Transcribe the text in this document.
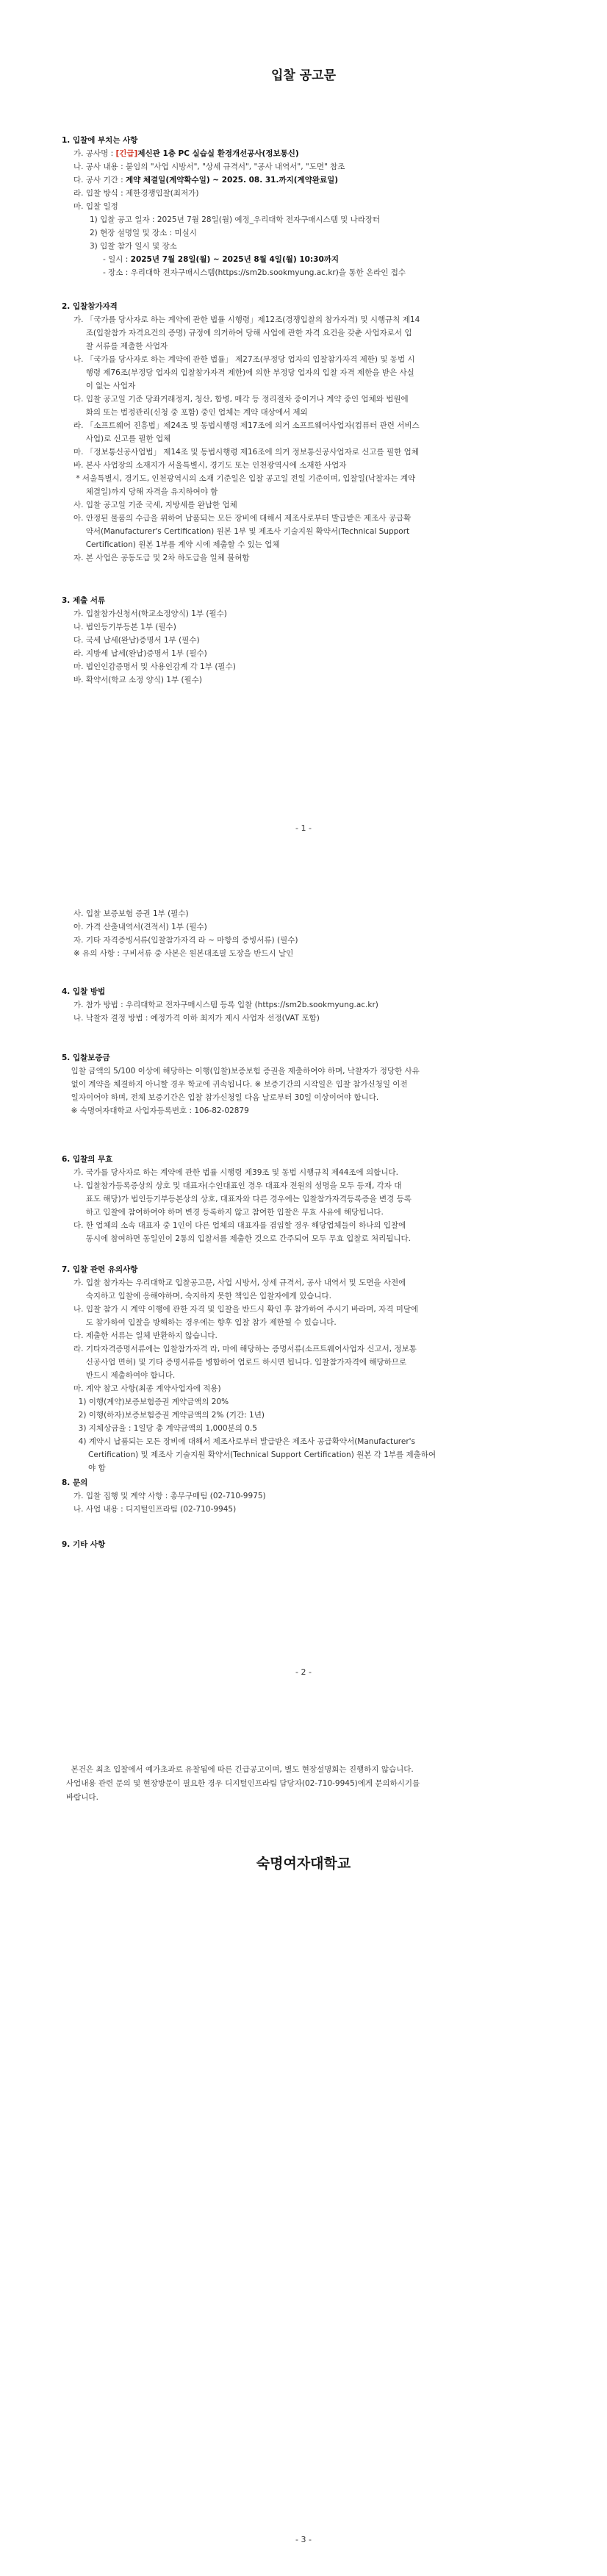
입찰 공고문
1. 입찰에 부치는 사항
가. 공사명 : [긴급]제신관 1층 PC 실습실 환경개선공사(정보통신)
나. 공사 내용 : 붙임의 "사업 시방서", "상세 규격서", "공사 내역서", "도면" 참조
다. 공사 기간 : 계약 체결일(계약확수일) ~ 2025. 08. 31.까지(계약완료일)
라. 입찰 방식 : 제한경쟁입찰(최저가)
마. 입찰 일정
1) 입찰 공고 일자 : 2025년 7월 28일(월) 예정_우리대학 전자구매시스템 및 나라장터
2) 현장 설명일 및 장소 : 미실시
3) 입찰 참가 일시 및 장소
- 일시 : 2025년 7월 28일(월) ~ 2025년 8월 4일(월) 10:30까지
- 장소 : 우리대학 전자구매시스템(https://sm2b.sookmyung.ac.kr)을 통한 온라인 접수
2. 입찰참가자격
가. 「국가를 당사자로 하는 계약에 관한 법률 시행령」제12조(경쟁입찰의 참가자격) 및 시행규칙 제14
조(입찰참가 자격요건의 증명) 규정에 의거하여 당해 사업에 관한 자격 요건을 갖춘 사업자로서 입
찰 서류를 제출한 사업자
나. 「국가를 당사자로 하는 계약에 관한 법률」 제27조(부정당 업자의 입찰참가자격 제한) 및 동법 시
행령 제76조(부정당 업자의 입찰참가자격 제한)에 의한 부정당 업자의 입찰 자격 제한을 받은 사실
이 없는 사업자
다. 입찰 공고일 기준 당좌거래정지, 청산, 합병, 매각 등 정리절차 중이거나 계약 중인 업체와 법원에
화의 또는 법정관리(신청 중 포함) 중인 업체는 계약 대상에서 제외
라. 「소프트웨어 진흥법」제24조 및 동법시행령 제17조에 의거 소프트웨어사업자(컴퓨터 관련 서비스
사업)로 신고를 필한 업체
마. 「정보통신공사업법」 제14조 및 동법시행령 제16조에 의거 정보통신공사업자로 신고를 필한 업체
바. 본사 사업장의 소재지가 서울특별시, 경기도 또는 인천광역시에 소재한 사업자
* 서울특별시, 경기도, 인천광역시의 소재 기준일은 입찰 공고일 전일 기준이며, 입찰일(낙찰자는 계약
체결일)까지 당해 자격을 유지하여야 함
사. 입찰 공고일 기준 국세, 지방세를 완납한 업체
아. 안정된 물품의 수급을 위하여 납품되는 모든 장비에 대해서 제조사로부터 발급받은 제조사 공급확
약서(Manufacturer's Certification) 원본 1부 및 제조사 기술지원 확약서(Technical Support
Certification) 원본 1부를 계약 시에 제출할 수 있는 업체
자. 본 사업은 공동도급 및 2차 하도급을 일체 불허함
3. 제출 서류
가. 입찰참가신청서(학교소정양식) 1부 (필수)
나. 법인등기부등본 1부 (필수)
다. 국세 납세(완납)증명서 1부 (필수)
라. 지방세 납세(완납)증명서 1부 (필수)
마. 법인인감증명서 및 사용인감계 각 1부 (필수)
바. 확약서(학교 소정 양식) 1부 (필수)
- 1 -
사. 입찰 보증보험 증권 1부 (필수)
아. 가격 산출내역서(견적서) 1부 (필수)
자. 기타 자격증빙서류(입찰참가자격 라 ~ 마항의 증빙서류) (필수)
※ 유의 사항 : 구비서류 중 사본은 원본대조필 도장을 반드시 날인
4. 입찰 방법
가. 참가 방법 : 우리대학교 전자구매시스템 등록 입찰 (https://sm2b.sookmyung.ac.kr)
나. 낙찰자 결정 방법 : 예정가격 이하 최저가 제시 사업자 선정(VAT 포함)
5. 입찰보증금
입찰 금액의 5/100 이상에 해당하는 이행(입찰)보증보험 증권을 제출하여야 하며, 낙찰자가 정당한 사유
없이 계약을 체결하지 아니할 경우 학교에 귀속됩니다. ※ 보증기간의 시작일은 입찰 참가신청일 이전
일자이어야 하며, 전체 보증기간은 입찰 참가신청일 다음 날로부터 30일 이상이어야 합니다.
※ 숙명여자대학교 사업자등록번호 : 106-82-02879
6. 입찰의 무효
가. 국가를 당사자로 하는 계약에 관한 법률 시행령 제39조 및 동법 시행규칙 제44조에 의합니다.
나. 입찰참가등록증상의 상호 및 대표자(수인대표인 경우 대표자 전원의 성명을 모두 등재, 각자 대
표도 해당)가 법인등기부등본상의 상호, 대표자와 다른 경우에는 입찰참가자격등록증을 변경 등록
하고 입찰에 참여하여야 하며 변경 등록하지 않고 참여한 입찰은 무효 사유에 해당됩니다.
다. 한 업체의 소속 대표자 중 1인이 다른 업체의 대표자를 겸임할 경우 해당업체들이 하나의 입찰에
동시에 참여하면 동일인이 2통의 입찰서를 제출한 것으로 간주되어 모두 무효 입찰로 처리됩니다.
7. 입찰 관련 유의사항
가. 입찰 참가자는 우리대학교 입찰공고문, 사업 시방서, 상세 규격서, 공사 내역서 및 도면을 사전에
숙지하고 입찰에 응해야하며, 숙지하지 못한 책임은 입찰자에게 있습니다.
나. 입찰 참가 시 계약 이행에 관한 자격 및 입찰을 반드시 확인 후 참가하여 주시기 바라며, 자격 미달에
도 참가하여 입찰을 방해하는 경우에는 향후 입찰 참가 제한될 수 있습니다.
다. 제출한 서류는 일체 반환하지 않습니다.
라. 기타자격증명서류에는 입찰참가자격 라, 마에 해당하는 증명서류(소프트웨어사업자 신고서, 정보통
신공사업 면허) 및 기타 증명서류를 병합하여 업로드 하시면 됩니다. 입찰참가자격에 해당하므로
반드시 제출하여야 합니다.
마. 계약 참고 사항(최종 계약사업자에 적용)
1) 이행(계약)보증보험증권 계약금액의 20%
2) 이행(하자)보증보험증권 계약금액의 2% (기간: 1년)
3) 지체상금율 : 1일당 총 계약금액의 1,000분의 0.5
4) 계약시 납품되는 모든 장비에 대해서 제조사로부터 발급받은 제조사 공급확약서(Manufacturer's
Certification) 및 제조사 기술지원 확약서(Technical Support Certification) 원본 각 1부를 제출하여
야 함
8. 문의
가. 입찰 집행 및 계약 사항 : 총무구매팀 (02-710-9975)
나. 사업 내용 : 디지털인프라팀 (02-710-9945)
9. 기타 사항
- 2 -
본건은 최초 입찰에서 예가초과로 유찰됨에 따른 긴급공고이며, 별도 현장설명회는 진행하지 않습니다.
사업내용 관련 문의 및 현장방문이 필요한 경우 디지털인프라팀 담당자(02-710-9945)에게 문의하시기를
바랍니다.
숙명여자대학교
- 3 -
